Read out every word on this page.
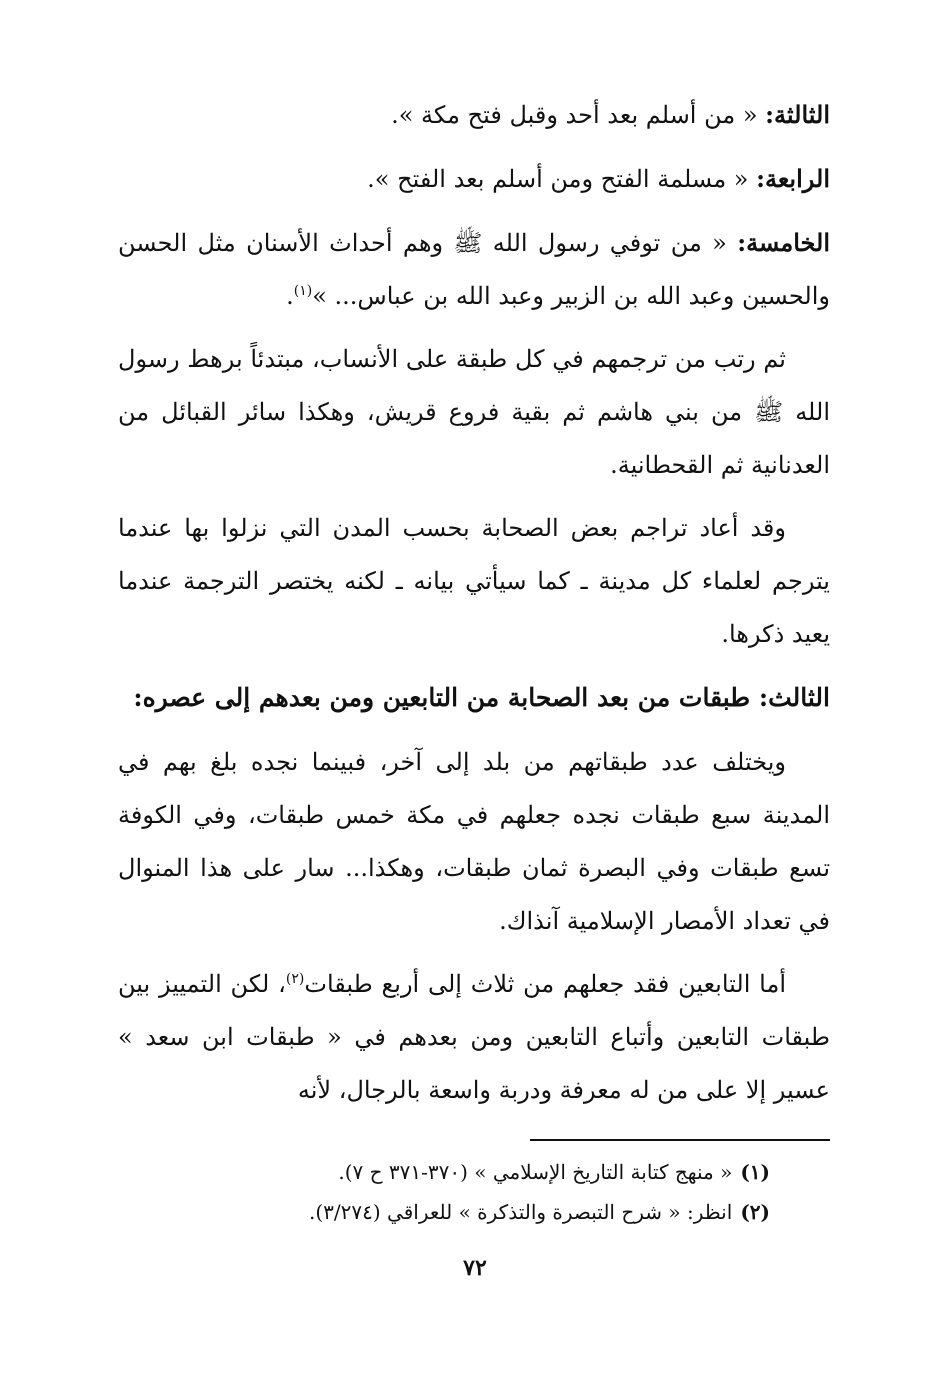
الثالثة: « من أسلم بعد أحد وقبل فتح مكة ».

الرابعة: « مسلمة الفتح ومن أسلم بعد الفتح ».

الخامسة: « من توفي رسول الله ﷺ وهم أحداث الأسنان مثل الحسن والحسين وعبد الله بن الزبير وعبد الله بن عباس... »$^{(١)}$.

ثم رتب من ترجمهم في كل طبقة على الأنساب، مبتدئاً برهط رسول الله ﷺ من بني هاشم ثم بقية فروع قريش، وهكذا سائر القبائل من العدنانية ثم القحطانية.

وقد أعاد تراجم بعض الصحابة بحسب المدن التي نزلوا بها عندما يترجم لعلماء كل مدينة ـ كما سيأتي بيانه ـ لكنه يختصر الترجمة عندما يعيد ذكرها.

الثالث: طبقات من بعد الصحابة من التابعين ومن بعدهم إلى عصره:

ويختلف عدد طبقاتهم من بلد إلى آخر، فبينما نجده بلغ بهم في المدينة سبع طبقات نجده جعلهم في مكة خمس طبقات، وفي الكوفة تسع طبقات وفي البصرة ثمان طبقات، وهكذا... سار على هذا المنوال في تعداد الأمصار الإسلامية آنذاك.

أما التابعين فقد جعلهم من ثلاث إلى أربع طبقات$^{(٢)}$، لكن التمييز بين طبقات التابعين وأتباع التابعين ومن بعدهم في « طبقات ابن سعد » عسير إلا على من له معرفة ودربة واسعة بالرجال، لأنه

(١)« منهج كتابة التاريخ الإسلامي » (٣٧٠-٣٧١ ح ٧).
(٢)انظر: « شرح التبصرة والتذكرة » للعراقي (٣/٢٧٤).
٧٢
